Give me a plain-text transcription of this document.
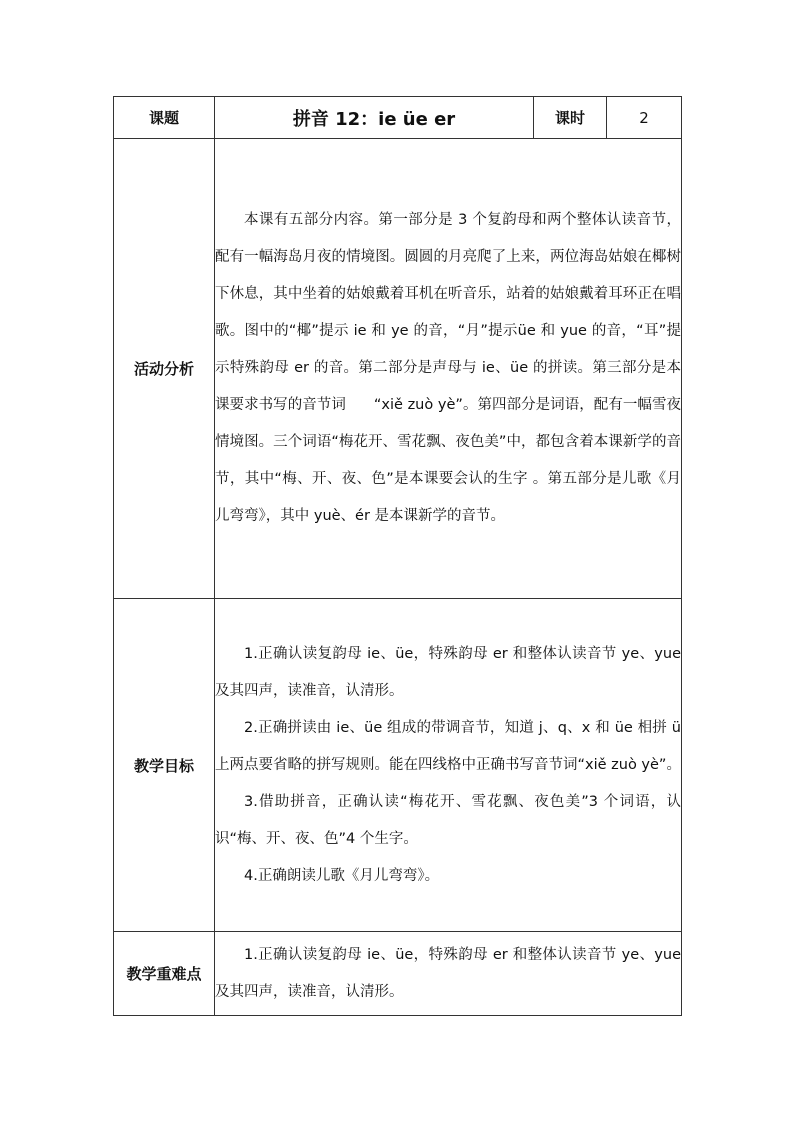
课题	拼音 12：ie üe er	课时	2
活动分析	本课有五部分内容。第一部分是 3 个复韵母和两个整体认读音节，配有一幅海岛月夜的情境图。圆圆的月亮爬了上来，两位海岛姑娘在椰树下休息，其中坐着的姑娘戴着耳机在听音乐，站着的姑娘戴着耳环正在唱歌。图中的“椰”提示 ie 和 ye 的音，“月”提示üe 和 yue 的音，“耳”提示特殊韵母 er 的音。第二部分是声母与 ie、üe 的拼读。第三部分是本课要求书写的音节词 “xiě zuò yè”。第四部分是词语，配有一幅雪夜情境图。三个词语“梅花开、雪花飘、夜色美”中，都包含着本课新学的音节，其中“梅、开、夜、色”是本课要会认的生字 。第五部分是儿歌《月儿弯弯》，其中 yuè、ér 是本课新学的音节。		

教学目标	1.正确认读复韵母 ie、üe，特殊韵母 er 和整体认读音节 ye、yue 及其四声，读准音，认清形。

2.正确拼读由 ie、üe 组成的带调音节，知道 j、q、x 和 üe 相拼 ü 上两点要省略的拼写规则。能在四线格中正确书写音节词“xiě zuò yè”。

3.借助拼音，正确认读“梅花开、雪花飘、夜色美”3 个词语，认识“梅、开、夜、色”4 个生字。

4.正确朗读儿歌《月儿弯弯》。		

教学重难点	1.正确认读复韵母 ie、üe，特殊韵母 er 和整体认读音节 ye、yue 及其四声，读准音，认清形。		
